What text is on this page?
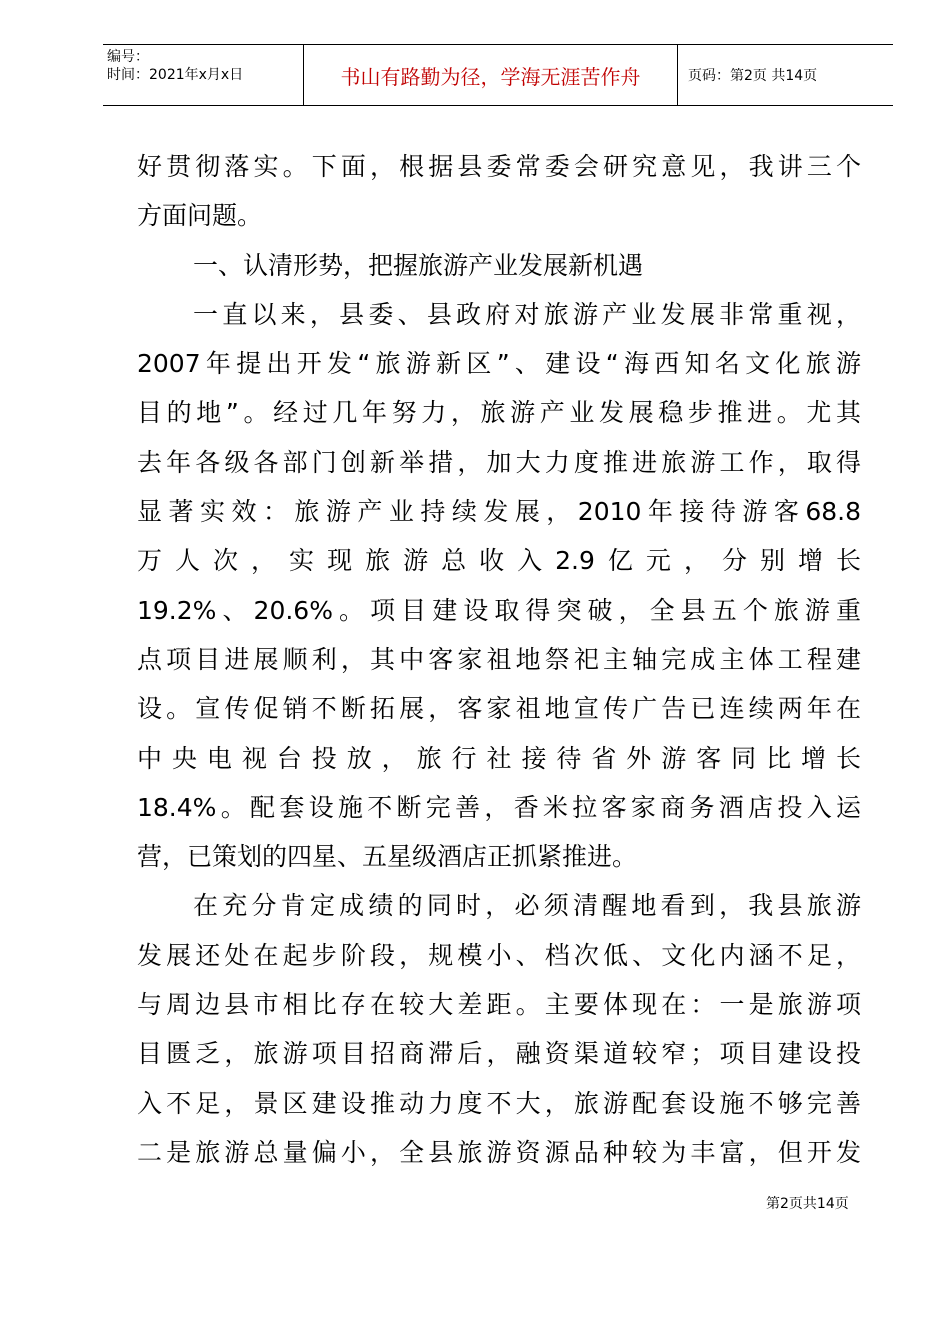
编号：
时间：2021年x月x日	书山有路勤为径，学海无涯苦作舟	页码：第2页 共14页
好贯彻落实。下面，根据县委常委会研究意见，我讲三个
方面问题。
一、认清形势，把握旅游产业发展新机遇
一直以来，县委、县政府对旅游产业发展非常重视，
2007年提出开发“旅游新区”、建设“海西知名文化旅游
目的地”。经过几年努力，旅游产业发展稳步推进。尤其
去年各级各部门创新举措，加大力度推进旅游工作，取得
显著实效：旅游产业持续发展，2010年接待游客68.8
万人次，实现旅游总收入2.9亿元，分别增长
19.2%、20.6%。项目建设取得突破，全县五个旅游重
点项目进展顺利，其中客家祖地祭祀主轴完成主体工程建
设。宣传促销不断拓展，客家祖地宣传广告已连续两年在
中央电视台投放，旅行社接待省外游客同比增长
18.4%。配套设施不断完善，香米拉客家商务酒店投入运
营，已策划的四星、五星级酒店正抓紧推进。
在充分肯定成绩的同时，必须清醒地看到，我县旅游
发展还处在起步阶段，规模小、档次低、文化内涵不足，
与周边县市相比存在较大差距。主要体现在：一是旅游项
目匮乏，旅游项目招商滞后，融资渠道较窄；项目建设投
入不足，景区建设推动力度不大，旅游配套设施不够完善
二是旅游总量偏小，全县旅游资源品种较为丰富，但开发
第2页共14页
